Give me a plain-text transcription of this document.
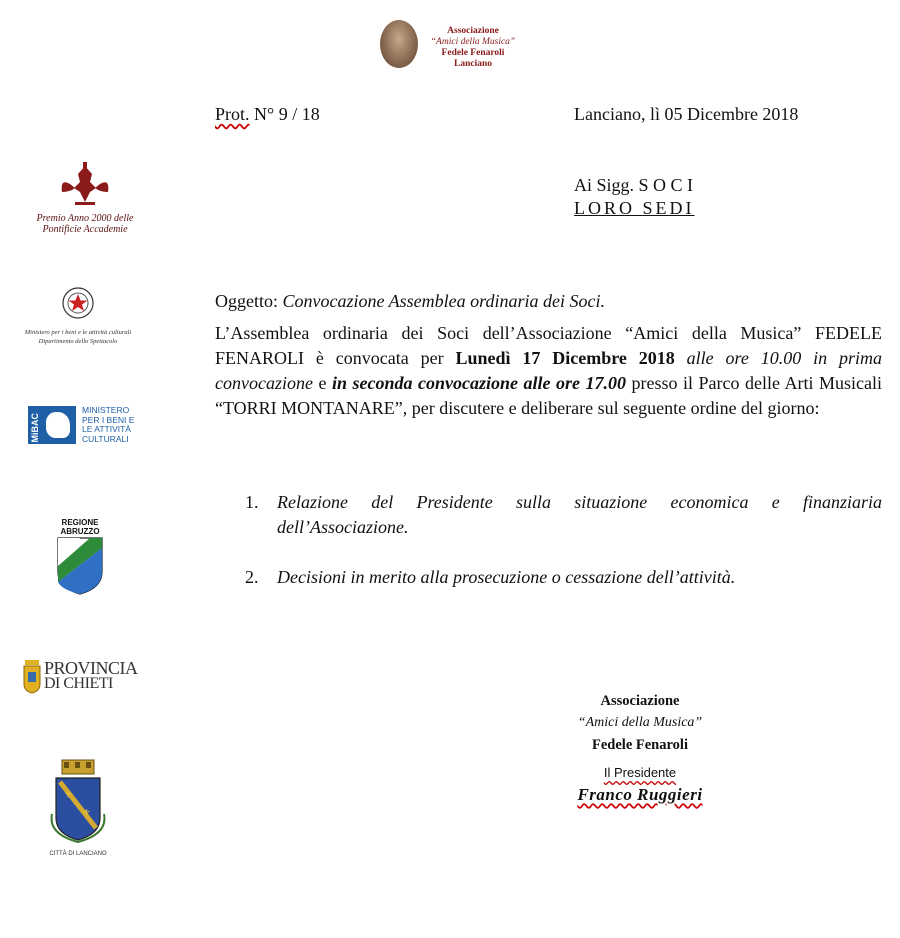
Associazione
“Amici della Musica”
Fedele Fenaroli
Lanciano
Premio Anno 2000 delle
Pontificie Accademie
Ministero per i beni e le attività culturali
Dipartimento dello Spettacolo
MiBAC
MINISTERO
PER I BENI E
LE ATTIVITÀ
CULTURALI
REGIONE
ABRUZZO
PROVINCIA
DI CHIETI
⚜
⚜
CITTÀ DI LANCIANO
Prot. N° 9 / 18	Lanciano, lì 05 Dicembre 2018
Ai Sigg. S O C I
LORO SEDI
Oggetto: Convocazione Assemblea ordinaria dei Soci.
L’Assemblea ordinaria dei Soci dell’Associazione “Amici della Musica” FEDELE FENAROLI è convocata per Lunedì 17 Dicembre 2018 alle ore 10.00 in prima convocazione e in seconda convocazione alle ore 17.00 presso il Parco delle Arti Musicali “TORRI MONTANARE”, per discutere e deliberare sul seguente ordine del giorno:
1. Relazione del Presidente sulla situazione economica e finanziaria dell’Associazione.
2. Decisioni in merito alla prosecuzione o cessazione dell’attività.
Associazione
“Amici della Musica”
Fedele Fenaroli
Il Presidente
Franco Ruggieri
